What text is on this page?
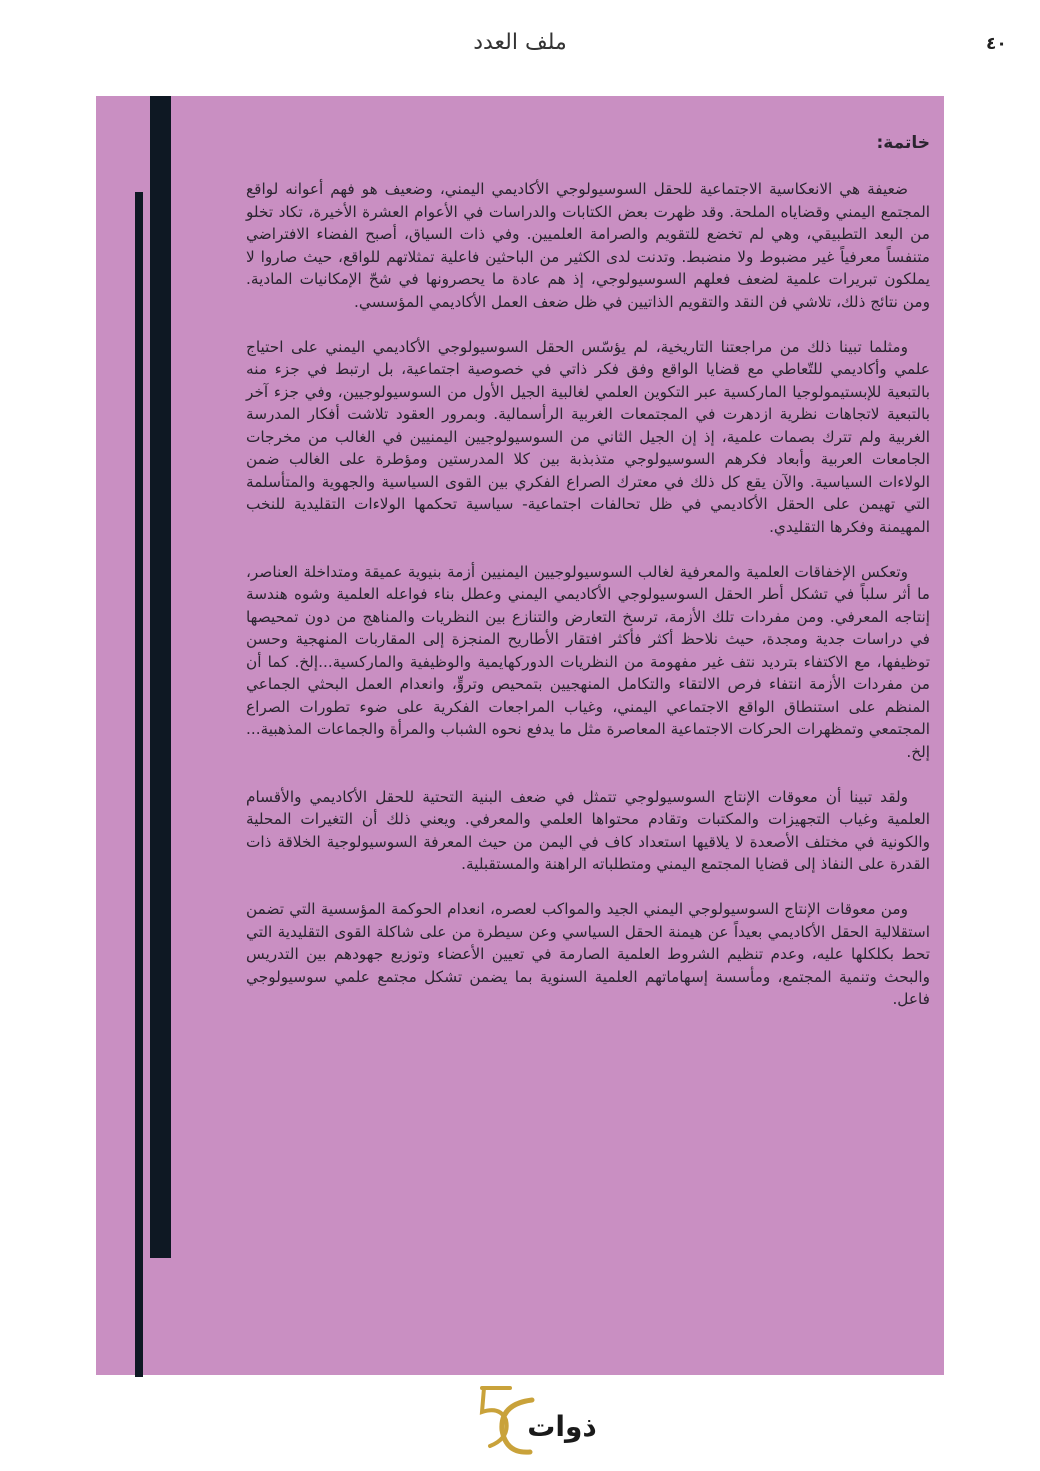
ملف العدد	٤٠
خاتمة:

ضعيفة هي الانعكاسية الاجتماعية للحقل السوسيولوجي الأكاديمي اليمني، وضعيف هو فهم أعوانه لواقع المجتمع اليمني وقضاياه الملحة. وقد ظهرت بعض الكتابات والدراسات في الأعوام العشرة الأخيرة، تكاد تخلو من البعد التطبيقي، وهي لم تخضع للتقويم والصرامة العلميين. وفي ذات السياق، أصبح الفضاء الافتراضي متنفساً معرفياً غير مضبوط ولا منضبط. وتدنت لدى الكثير من الباحثين فاعلية تمثلاتهم للواقع، حيث صاروا لا يملكون تبريرات علمية لضعف فعلهم السوسيولوجي، إذ هم عادة ما يحصرونها في شحّ الإمكانيات المادية. ومن نتائج ذلك، تلاشي فن النقد والتقويم الذاتيين في ظل ضعف العمل الأكاديمي المؤسسي.

ومثلما تبينا ذلك من مراجعتنا التاريخية، لم يؤسّس الحقل السوسيولوجي الأكاديمي اليمني على احتياج علمي وأكاديمي للتّعاطي مع قضايا الواقع وفق فكر ذاتي في خصوصية اجتماعية، بل ارتبط في جزء منه بالتبعية للإبستيمولوجيا الماركسية عبر التكوين العلمي لغالبية الجيل الأول من السوسيولوجيين، وفي جزء آخر بالتبعية لاتجاهات نظرية ازدهرت في المجتمعات الغربية الرأسمالية. وبمرور العقود تلاشت أفكار المدرسة الغربية ولم تترك بصمات علمية، إذ إن الجيل الثاني من السوسيولوجيين اليمنيين في الغالب من مخرجات الجامعات العربية وأبعاد فكرهم السوسيولوجي متذبذبة بين كلا المدرستين ومؤطرة على الغالب ضمن الولاءات السياسية. والآن يقع كل ذلك في معترك الصراع الفكري بين القوى السياسية والجهوية والمتأسلمة التي تهيمن على الحقل الأكاديمي في ظل تحالفات اجتماعية- سياسية تحكمها الولاءات التقليدية للنخب المهيمنة وفكرها التقليدي.

وتعكس الإخفاقات العلمية والمعرفية لغالب السوسيولوجيين اليمنيين أزمة بنيوية عميقة ومتداخلة العناصر، ما أثر سلباً في تشكل أطر الحقل السوسيولوجي الأكاديمي اليمني وعطل بناء فواعله العلمية وشوه هندسة إنتاجه المعرفي. ومن مفردات تلك الأزمة، ترسخ التعارض والتنازع بين النظريات والمناهج من دون تمحيصها في دراسات جدية ومجدة، حيث نلاحظ أكثر فأكثر افتقار الأطاريح المنجزة إلى المقاربات المنهجية وحسن توظيفها، مع الاكتفاء بترديد نتف غير مفهومة من النظريات الدوركهايمية والوظيفية والماركسية...إلخ. كما أن من مفردات الأزمة انتفاء فرص الالتقاء والتكامل المنهجيين بتمحيص وتروٍّ، وانعدام العمل البحثي الجماعي المنظم على استنطاق الواقع الاجتماعي اليمني، وغياب المراجعات الفكرية على ضوء تطورات الصراع المجتمعي وتمظهرات الحركات الاجتماعية المعاصرة مثل ما يدفع نحوه الشباب والمرأة والجماعات المذهبية... إلخ.

ولقد تبينا أن معوقات الإنتاج السوسيولوجي تتمثل في ضعف البنية التحتية للحقل الأكاديمي والأقسام العلمية وغياب التجهيزات والمكتبات وتقادم محتواها العلمي والمعرفي. ويعني ذلك أن التغيرات المحلية والكونية في مختلف الأصعدة لا يلاقيها استعداد كاف في اليمن من حيث المعرفة السوسيولوجية الخلاقة ذات القدرة على النفاذ إلى قضايا المجتمع اليمني ومتطلباته الراهنة والمستقبلية.

ومن معوقات الإنتاج السوسيولوجي اليمني الجيد والمواكب لعصره، انعدام الحوكمة المؤسسية التي تضمن استقلالية الحقل الأكاديمي بعيداً عن هيمنة الحقل السياسي وعن سيطرة من على شاكلة القوى التقليدية التي تحط بكلكلها عليه، وعدم تنظيم الشروط العلمية الصارمة في تعيين الأعضاء وتوزيع جهودهم بين التدريس والبحث وتنمية المجتمع، ومأسسة إسهاماتهم العلمية السنوية بما يضمن تشكل مجتمع علمي سوسيولوجي فاعل.

ذوات
